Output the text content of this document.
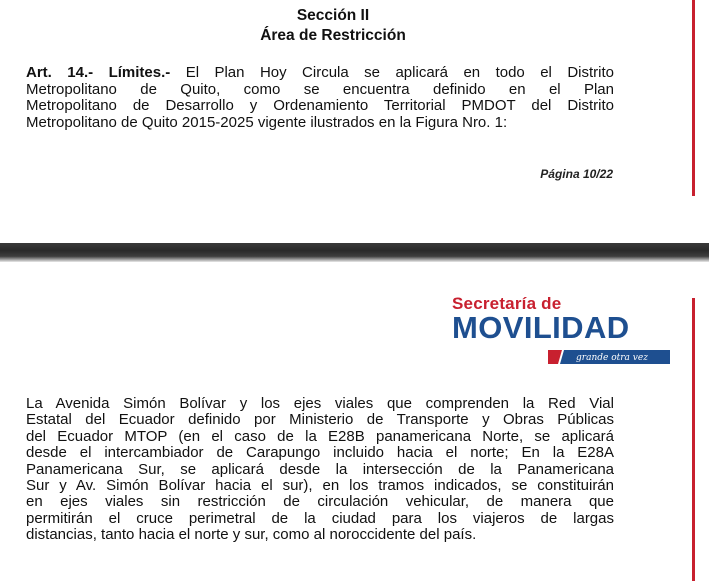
Sección II
Área de Restricción
Art. 14.- Límites.- El Plan Hoy Circula se aplicará en todo el Distrito
Metropolitano de Quito, como se encuentra definido en el Plan
Metropolitano de Desarrollo y Ordenamiento Territorial PMDOT del Distrito
Metropolitano de Quito 2015-2025 vigente ilustrados en la Figura Nro. 1:
Página 10/22
Secretaría de
MOVILIDAD
grande otra vez
La Avenida Simón Bolívar y los ejes viales que comprenden la Red Vial
Estatal del Ecuador definido por Ministerio de Transporte y Obras Públicas
del Ecuador MTOP (en el caso de la E28B panamericana Norte, se aplicará
desde el intercambiador de Carapungo incluido hacia el norte; En la E28A
Panamericana Sur, se aplicará desde la intersección de la Panamericana
Sur y Av. Simón Bolívar hacia el sur), en los tramos indicados, se constituirán
en ejes viales sin restricción de circulación vehicular, de manera que
permitirán el cruce perimetral de la ciudad para los viajeros de largas
distancias, tanto hacia el norte y sur, como al noroccidente del país.
